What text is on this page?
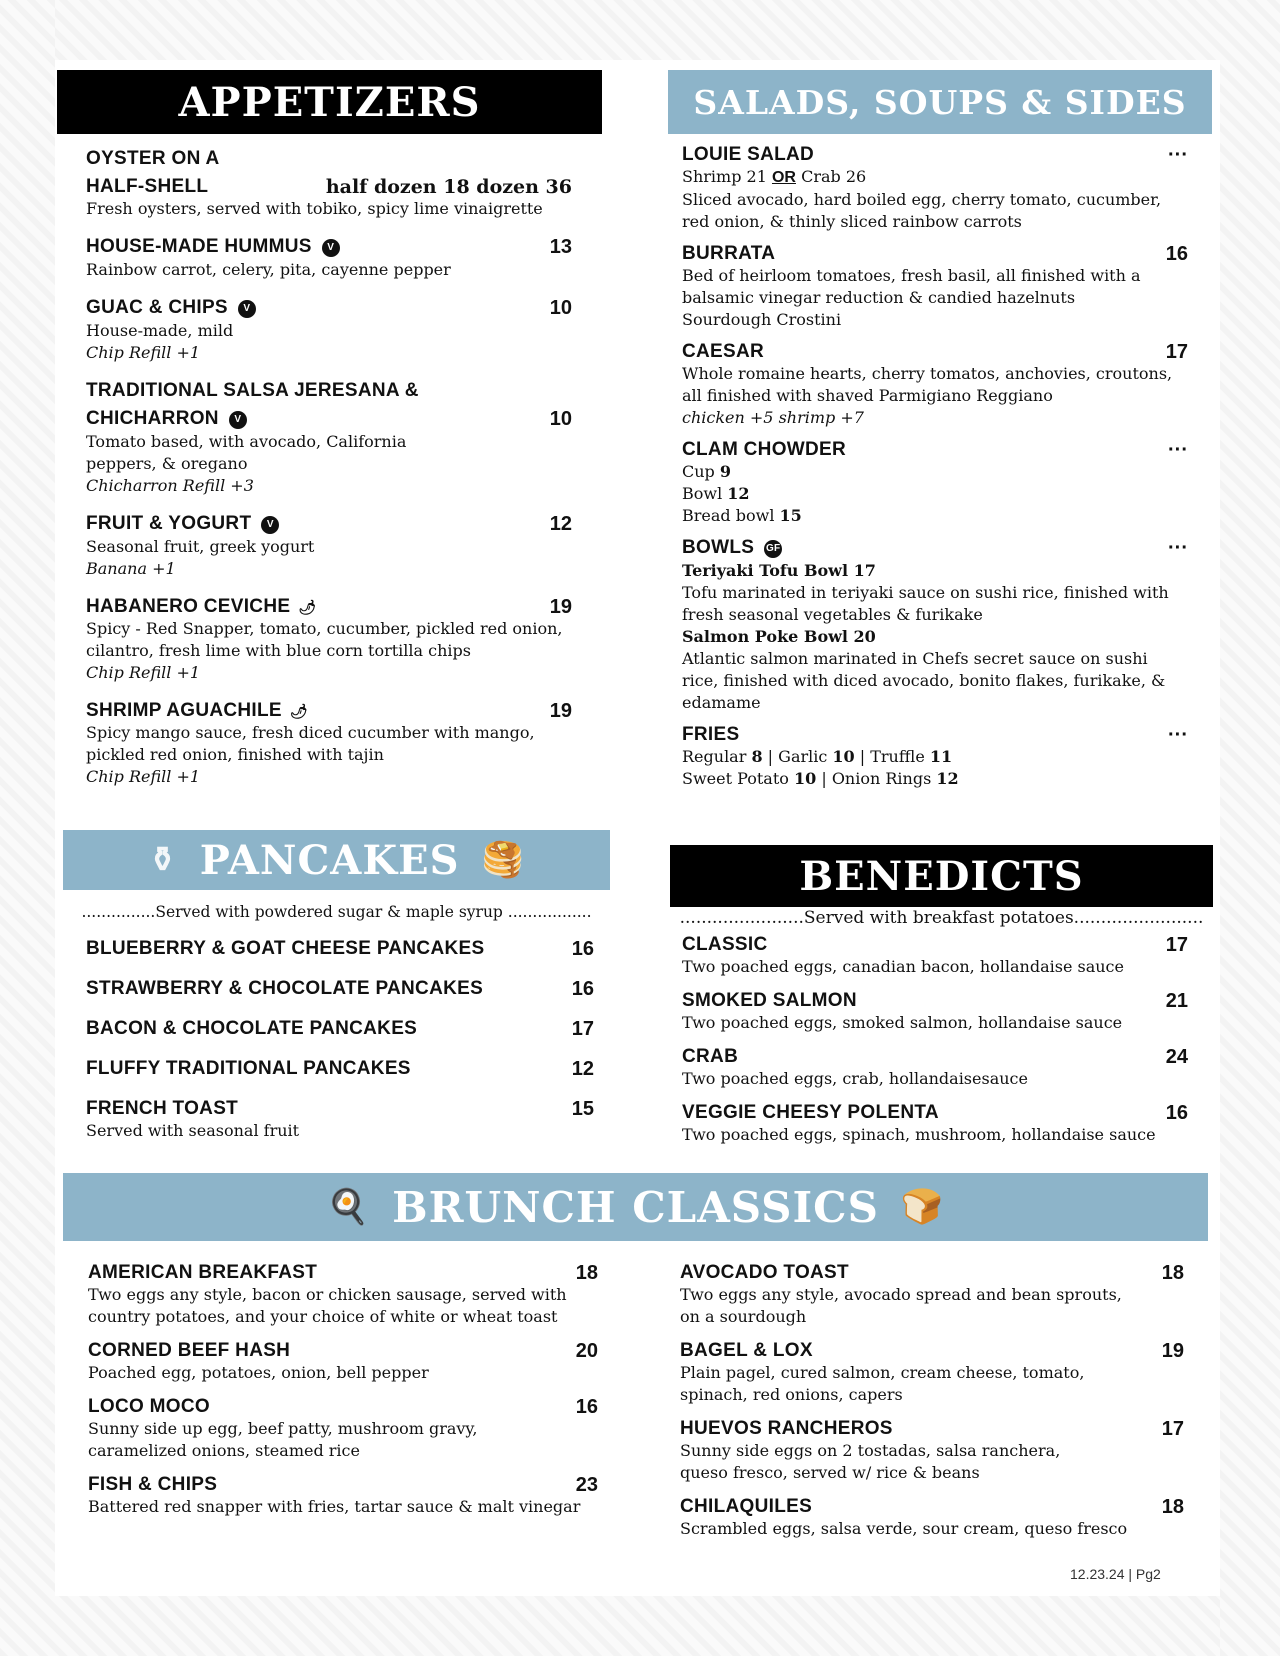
APPETIZERS	SALADS, SOUPS & SIDES
⚱ PANCAKES 🥞	BENEDICTS
🍳 BRUNCH CLASSICS 🍞
...............Served with powdered sugar & maple syrup .................	.......................Served with breakfast potatoes........................
OYSTER ON A
HALF-SHELL	half dozen 18 dozen 36
Fresh oysters, served with tobiko, spicy lime vinaigrette
HOUSE-MADE HUMMUS	V	13
Rainbow carrot, celery, pita, cayenne pepper
GUAC & CHIPS	V	10
House-made, mild
Chip Refill +1
TRADITIONAL SALSA JERESANA &
CHICHARRON	V	10
Tomato based, with avocado, California
peppers, & oregano
Chicharron Refill +3
FRUIT & YOGURT	V	12
Seasonal fruit, greek yogurt
Banana +1
HABANERO CEVICHE 🌶	19
Spicy - Red Snapper, tomato, cucumber, pickled red onion,
cilantro, fresh lime with blue corn tortilla chips
Chip Refill +1
SHRIMP AGUACHILE 🌶	19
Spicy mango sauce, fresh diced cucumber with mango,
pickled red onion, finished with tajin
Chip Refill +1
LOUIE SALAD	···
Shrimp 21 OR Crab 26
Sliced avocado, hard boiled egg, cherry tomato, cucumber,
red onion, & thinly sliced rainbow carrots
BURRATA	16
Bed of heirloom tomatoes, fresh basil, all finished with a
balsamic vinegar reduction & candied hazelnuts
Sourdough Crostini
CAESAR	17
Whole romaine hearts, cherry tomatos, anchovies, croutons,
all finished with shaved Parmigiano Reggiano
chicken +5 shrimp +7
CLAM CHOWDER	···
Cup 9
Bowl 12
Bread bowl 15
BOWLS GF	···
Teriyaki Tofu Bowl 17
Tofu marinated in teriyaki sauce on sushi rice, finished with
fresh seasonal vegetables & furikake
Salmon Poke Bowl 20
Atlantic salmon marinated in Chefs secret sauce on sushi
rice, finished with diced avocado, bonito flakes, furikake, &
edamame
FRIES	···
Regular 8 | Garlic 10 | Truffle 11
Sweet Potato 10 | Onion Rings 12
BLUEBERRY & GOAT CHEESE PANCAKES	16
STRAWBERRY & CHOCOLATE PANCAKES	16
BACON & CHOCOLATE PANCAKES	17
FLUFFY TRADITIONAL PANCAKES	12
FRENCH TOAST	15
Served with seasonal fruit
CLASSIC	17
Two poached eggs, canadian bacon, hollandaise sauce
SMOKED SALMON	21
Two poached eggs, smoked salmon, hollandaise sauce
CRAB	24
Two poached eggs, crab, hollandaisesauce
VEGGIE CHEESY POLENTA	16
Two poached eggs, spinach, mushroom, hollandaise sauce
AMERICAN BREAKFAST	18
Two eggs any style, bacon or chicken sausage, served with
country potatoes, and your choice of white or wheat toast
CORNED BEEF HASH	20
Poached egg, potatoes, onion, bell pepper
LOCO MOCO	16
Sunny side up egg, beef patty, mushroom gravy,
caramelized onions, steamed rice
FISH & CHIPS	23
Battered red snapper with fries, tartar sauce & malt vinegar
AVOCADO TOAST	18
Two eggs any style, avocado spread and bean sprouts,
on a sourdough
BAGEL & LOX	19
Plain pagel, cured salmon, cream cheese, tomato,
spinach, red onions, capers
HUEVOS RANCHEROS	17
Sunny side eggs on 2 tostadas, salsa ranchera,
queso fresco, served w/ rice & beans
CHILAQUILES	18
Scrambled eggs, salsa verde, sour cream, queso fresco
12.23.24 | Pg2
